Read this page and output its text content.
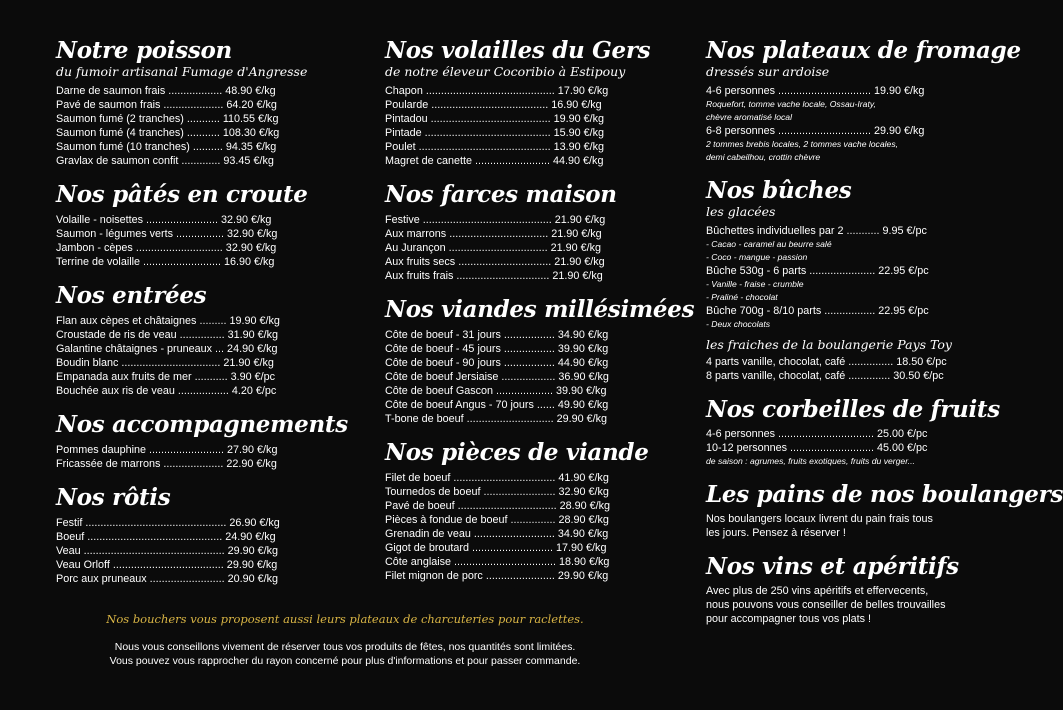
Notre poisson
du fumoir artisanal Fumage d'Angresse
Darne de saumon frais .................. 48.90 €/kg
Pavé de saumon frais .................... 64.20 €/kg
Saumon fumé (2 tranches) ........... 110.55 €/kg
Saumon fumé (4 tranches) ........... 108.30 €/kg
Saumon fumé (10 tranches) .......... 94.35 €/kg
Gravlax de saumon confit ............. 93.45 €/kg
Nos pâtés en croute
Volaille - noisettes ........................ 32.90 €/kg
Saumon - légumes verts ................ 32.90 €/kg
Jambon - cèpes ............................. 32.90 €/kg
Terrine de volaille .......................... 16.90 €/kg
Nos entrées
Flan aux cèpes et châtaignes ......... 19.90 €/kg
Croustade de ris de veau ............... 31.90 €/kg
Galantine châtaignes - pruneaux ... 24.90 €/kg
Boudin blanc ................................. 21.90 €/kg
Empanada aux fruits de mer ........... 3.90 €/pc
Bouchée aux ris de veau ................. 4.20 €/pc
Nos accompagnements
Pommes dauphine ......................... 27.90 €/kg
Fricassée de marrons .................... 22.90 €/kg
Nos rôtis
Festif ............................................... 26.90 €/kg
Boeuf ............................................. 24.90 €/kg
Veau ............................................... 29.90 €/kg
Veau Orloff ..................................... 29.90 €/kg
Porc aux pruneaux ......................... 20.90 €/kg
Nos volailles du Gers
de notre éleveur Cocoribio à Estipouy
Chapon ........................................... 17.90 €/kg
Poularde ....................................... 16.90 €/kg
Pintadou ........................................ 19.90 €/kg
Pintade .......................................... 15.90 €/kg
Poulet ............................................ 13.90 €/kg
Magret de canette ......................... 44.90 €/kg
Nos farces maison
Festive ........................................... 21.90 €/kg
Aux marrons ................................. 21.90 €/kg
Au Jurançon ................................. 21.90 €/kg
Aux fruits secs ............................... 21.90 €/kg
Aux fruits frais ............................... 21.90 €/kg
Nos viandes millésimées
Côte de boeuf - 31 jours ................. 34.90 €/kg
Côte de boeuf - 45 jours ................. 39.90 €/kg
Côte de boeuf - 90 jours ................. 44.90 €/kg
Côte de boeuf Jersiaise .................. 36.90 €/kg
Côte de boeuf Gascon ................... 39.90 €/kg
Côte de boeuf Angus - 70 jours ...... 49.90 €/kg
T-bone de boeuf ............................. 29.90 €/kg
Nos pièces de viande
Filet de boeuf .................................. 41.90 €/kg
Tournedos de boeuf ........................ 32.90 €/kg
Pavé de boeuf ................................. 28.90 €/kg
Pièces à fondue de boeuf ............... 28.90 €/kg
Grenadin de veau ........................... 34.90 €/kg
Gigot de broutard ........................... 17.90 €/kg
Côte anglaise .................................. 18.90 €/kg
Filet mignon de porc ....................... 29.90 €/kg
Nos plateaux de fromage
dressés sur ardoise
4-6 personnes ............................... 19.90 €/kg
Roquefort, tomme vache locale, Ossau-Iraty,
chèvre aromatisé local
6-8 personnes ............................... 29.90 €/kg
2 tommes brebis locales, 2 tommes vache locales,
demi cabeilhou, crottin chèvre
Nos bûches
les glacées
Bûchettes individuelles par 2 ........... 9.95 €/pc
- Cacao - caramel au beurre salé
- Coco - mangue - passion
Bûche 530g - 6 parts ...................... 22.95 €/pc
- Vanille - fraise - crumble
- Praliné - chocolat
Bûche 700g - 8/10 parts ................. 22.95 €/pc
- Deux chocolats
les fraiches de la boulangerie Pays Toy
4 parts vanille, chocolat, café ............... 18.50 €/pc
8 parts vanille, chocolat, café .............. 30.50 €/pc
Nos corbeilles de fruits
4-6 personnes ................................ 25.00 €/pc
10-12 personnes ............................ 45.00 €/pc
de saison : agrumes, fruits exotiques, fruits du verger...
Les pains de nos boulangers
Nos boulangers locaux livrent du pain frais tous les jours. Pensez à réserver !
Nos vins et apéritifs
Avec plus de 250 vins apéritifs et effervecents, nous pouvons vous conseiller de belles trouvailles pour accompagner tous vos plats !
Nos bouchers vous proposent aussi leurs plateaux de charcuteries pour raclettes.
Nous vous conseillons vivement de réserver tous vos produits de fêtes, nos quantités sont limitées.
Vous pouvez vous rapprocher du rayon concerné pour plus d'informations et pour passer commande.
